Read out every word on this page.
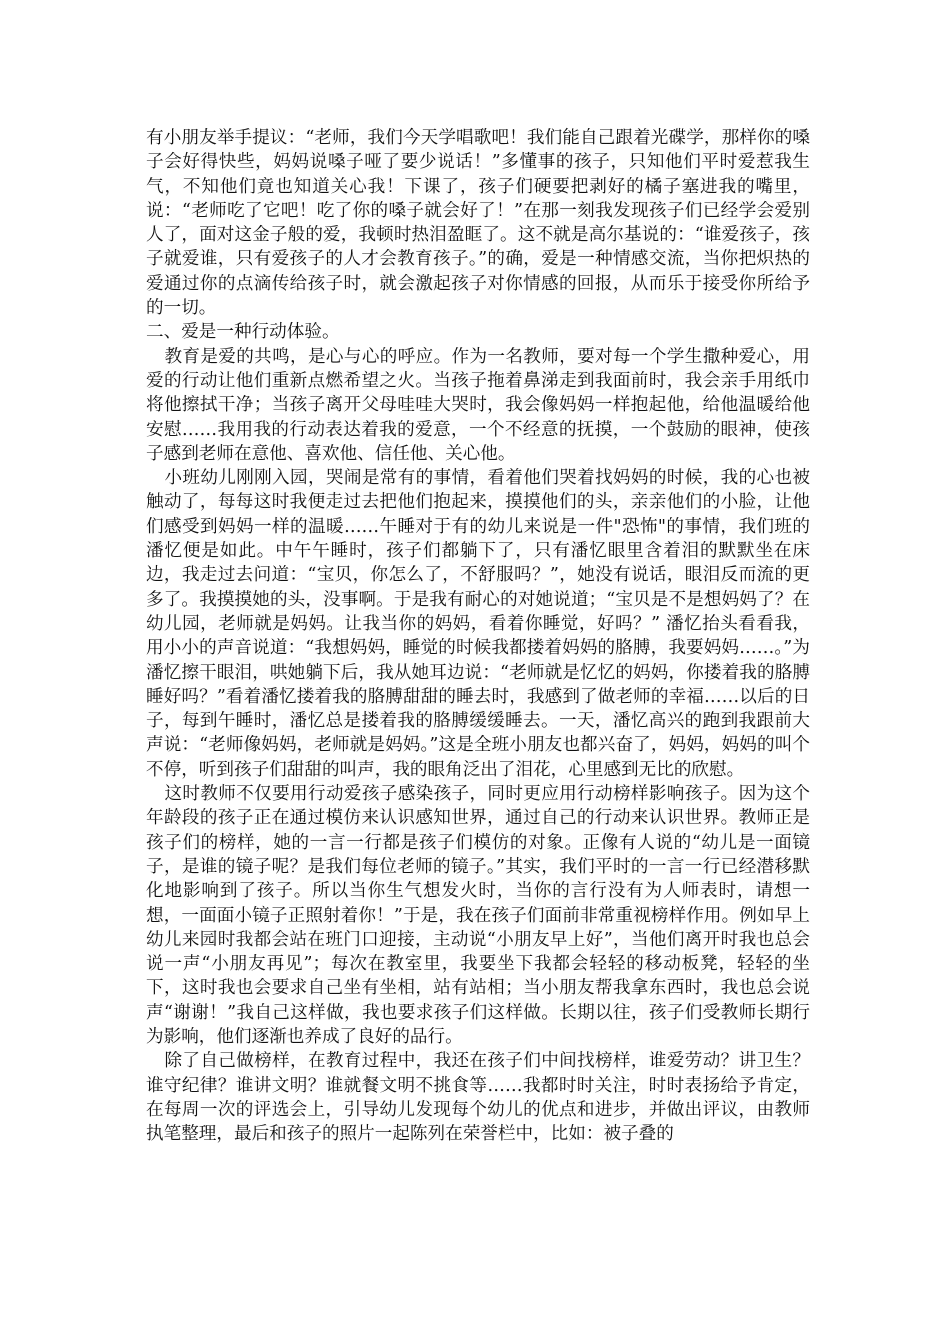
有小朋友举手提议：“老师，我们今天学唱歌吧！我们能自己跟着光碟学，那样你的嗓子会好得快些，妈妈说嗓子哑了要少说话！”多懂事的孩子，只知他们平时爱惹我生气，不知他们竟也知道关心我！下课了，孩子们硬要把剥好的橘子塞进我的嘴里，说：“老师吃了它吧！吃了你的嗓子就会好了！”在那一刻我发现孩子们已经学会爱别人了，面对这金子般的爱，我顿时热泪盈眶了。这不就是高尔基说的：“谁爱孩子，孩子就爱谁，只有爱孩子的人才会教育孩子。”的确，爱是一种情感交流，当你把炽热的爱通过你的点滴传给孩子时，就会激起孩子对你情感的回报，从而乐于接受你所给予的一切。

二、爱是一种行动体验。

教育是爱的共鸣，是心与心的呼应。作为一名教师，要对每一个学生撒种爱心，用爱的行动让他们重新点燃希望之火。当孩子拖着鼻涕走到我面前时，我会亲手用纸巾将他擦拭干净；当孩子离开父母哇哇大哭时，我会像妈妈一样抱起他，给他温暖给他安慰……我用我的行动表达着我的爱意，一个不经意的抚摸，一个鼓励的眼神，使孩子感到老师在意他、喜欢他、信任他、关心他。

小班幼儿刚刚入园，哭闹是常有的事情，看着他们哭着找妈妈的时候，我的心也被触动了，每每这时我便走过去把他们抱起来，摸摸他们的头，亲亲他们的小脸，让他们感受到妈妈一样的温暖……午睡对于有的幼儿来说是一件"恐怖"的事情，我们班的潘忆便是如此。中午午睡时，孩子们都躺下了，只有潘忆眼里含着泪的默默坐在床边，我走过去问道：“宝贝，你怎么了，不舒服吗？”，她没有说话，眼泪反而流的更多了。我摸摸她的头，没事啊。于是我有耐心的对她说道；“宝贝是不是想妈妈了？在幼儿园，老师就是妈妈。让我当你的妈妈，看着你睡觉，好吗？” 潘忆抬头看看我，用小小的声音说道：“我想妈妈，睡觉的时候我都搂着妈妈的胳膊，我要妈妈……。”为潘忆擦干眼泪，哄她躺下后，我从她耳边说：“老师就是忆忆的妈妈，你搂着我的胳膊睡好吗？”看着潘忆搂着我的胳膊甜甜的睡去时，我感到了做老师的幸福……以后的日子，每到午睡时，潘忆总是搂着我的胳膊缓缓睡去。一天，潘忆高兴的跑到我跟前大声说：“老师像妈妈，老师就是妈妈。”这是全班小朋友也都兴奋了，妈妈，妈妈的叫个不停，听到孩子们甜甜的叫声，我的眼角泛出了泪花，心里感到无比的欣慰。

这时教师不仅要用行动爱孩子感染孩子，同时更应用行动榜样影响孩子。因为这个年龄段的孩子正在通过模仿来认识感知世界，通过自己的行动来认识世界。教师正是孩子们的榜样，她的一言一行都是孩子们模仿的对象。正像有人说的“幼儿是一面镜子，是谁的镜子呢？是我们每位老师的镜子。”其实，我们平时的一言一行已经潜移默化地影响到了孩子。所以当你生气想发火时，当你的言行没有为人师表时，请想一想，一面面小镜子正照射着你！”于是，我在孩子们面前非常重视榜样作用。例如早上幼儿来园时我都会站在班门口迎接，主动说“小朋友早上好”，当他们离开时我也总会说一声“小朋友再见”；每次在教室里，我要坐下我都会轻轻的移动板凳，轻轻的坐下，这时我也会要求自己坐有坐相，站有站相；当小朋友帮我拿东西时，我也总会说声“谢谢！”我自己这样做，我也要求孩子们这样做。长期以往，孩子们受教师长期行为影响，他们逐渐也养成了良好的品行。

除了自己做榜样，在教育过程中，我还在孩子们中间找榜样，谁爱劳动？讲卫生？谁守纪律？谁讲文明？谁就餐文明不挑食等……我都时时关注，时时表扬给予肯定，在每周一次的评选会上，引导幼儿发现每个幼儿的优点和进步，并做出评议，由教师执笔整理，最后和孩子的照片一起陈列在荣誉栏中，比如：被子叠的
